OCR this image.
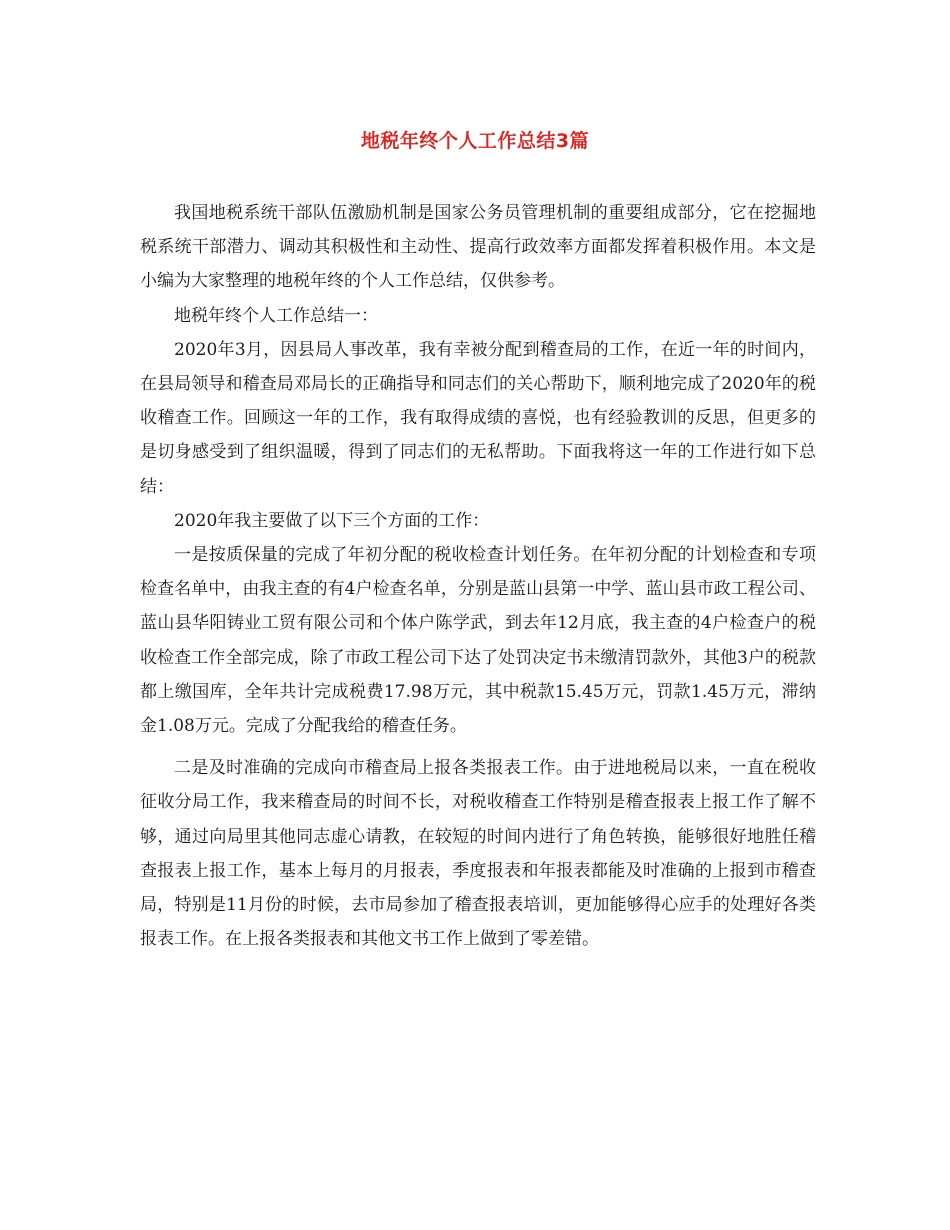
地税年终个人工作总结3篇

我国地税系统干部队伍激励机制是国家公务员管理机制的重要组成部分，它在挖掘地税系统干部潜力、调动其积极性和主动性、提高行政效率方面都发挥着积极作用。本文是小编为大家整理的地税年终的个人工作总结，仅供参考。

地税年终个人工作总结一：

2020年3月，因县局人事改革，我有幸被分配到稽查局的工作，在近一年的时间内，在县局领导和稽查局邓局长的正确指导和同志们的关心帮助下，顺利地完成了2020年的税收稽查工作。回顾这一年的工作，我有取得成绩的喜悦，也有经验教训的反思，但更多的是切身感受到了组织温暖，得到了同志们的无私帮助。下面我将这一年的工作进行如下总结：

2020年我主要做了以下三个方面的工作：

一是按质保量的完成了年初分配的税收检查计划任务。在年初分配的计划检查和专项检查名单中，由我主查的有4户检查名单，分别是蓝山县第一中学、蓝山县市政工程公司、蓝山县华阳铸业工贸有限公司和个体户陈学武，到去年12月底，我主查的4户检查户的税收检查工作全部完成，除了市政工程公司下达了处罚决定书未缴清罚款外，其他3户的税款都上缴国库，全年共计完成税费17.98万元，其中税款15.45万元，罚款1.45万元，滞纳金1.08万元。完成了分配我给的稽查任务。

二是及时准确的完成向市稽查局上报各类报表工作。由于进地税局以来，一直在税收征收分局工作，我来稽查局的时间不长，对税收稽查工作特别是稽查报表上报工作了解不够，通过向局里其他同志虚心请教，在较短的时间内进行了角色转换，能够很好地胜任稽查报表上报工作，基本上每月的月报表，季度报表和年报表都能及时准确的上报到市稽查局，特别是11月份的时候，去市局参加了稽查报表培训，更加能够得心应手的处理好各类报表工作。在上报各类报表和其他文书工作上做到了零差错。
